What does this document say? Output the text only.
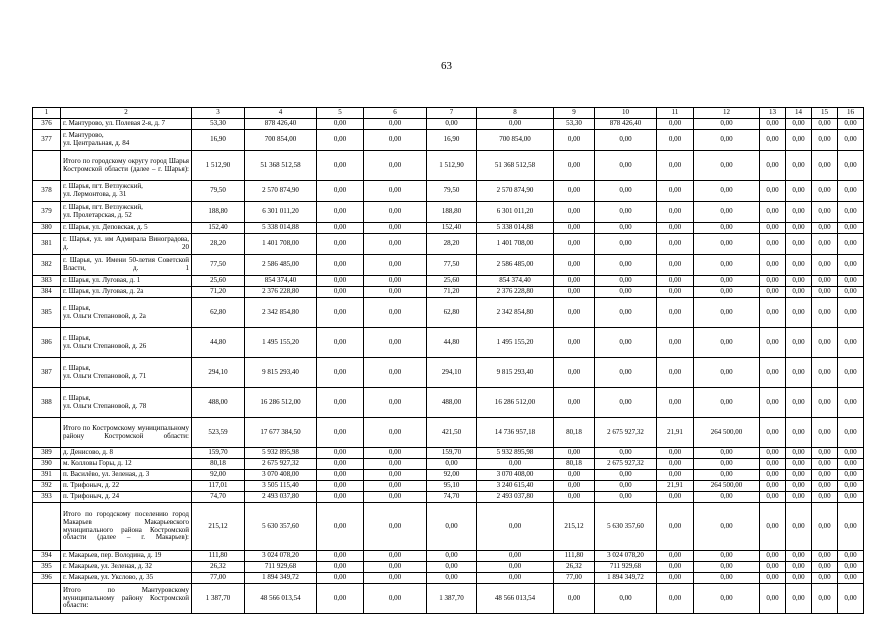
63
1	2	3	4	5	6	7	8	9	10	11	12	13	14	15	16
376	г. Мантурово, ул. Полевая 2-я, д. 7	53,30	878 426,40	0,00	0,00	0,00	0,00	53,30	878 426,40	0,00	0,00	0,00	0,00	0,00	0,00
377	г. Мантурово,
ул. Центральная, д. 84	16,90	700 854,00	0,00	0,00	16,90	700 854,00	0,00	0,00	0,00	0,00	0,00	0,00	0,00	0,00
	Итого по городскому округу город Шарья Костромской области (далее – г. Шарья):	1 512,90	51 368 512,58	0,00	0,00	1 512,90	51 368 512,58	0,00	0,00	0,00	0,00	0,00	0,00	0,00	0,00
378	г. Шарья, пгт. Ветлужский,
ул. Лермонтова, д. 31	79,50	2 570 874,90	0,00	0,00	79,50	2 570 874,90	0,00	0,00	0,00	0,00	0,00	0,00	0,00	0,00
379	г. Шарья, пгт. Ветлужский,
ул. Пролетарская, д. 52	188,80	6 301 011,20	0,00	0,00	188,80	6 301 011,20	0,00	0,00	0,00	0,00	0,00	0,00	0,00	0,00
380	г. Шарья, ул. Деповская, д. 5	152,40	5 338 014,88	0,00	0,00	152,40	5 338 014,88	0,00	0,00	0,00	0,00	0,00	0,00	0,00	0,00
381	г. Шарья, ул. им Адмирала Виноградова, д. 20	28,20	1 401 708,00	0,00	0,00	28,20	1 401 708,00	0,00	0,00	0,00	0,00	0,00	0,00	0,00	0,00
382	г. Шарья, ул. Имени 50-летия Советской Власти, д. 1	77,50	2 586 485,00	0,00	0,00	77,50	2 586 485,00	0,00	0,00	0,00	0,00	0,00	0,00	0,00	0,00
383	г. Шарья, ул. Луговая, д. 1	25,60	854 374,40	0,00	0,00	25,60	854 374,40	0,00	0,00	0,00	0,00	0,00	0,00	0,00	0,00
384	г. Шарья, ул. Луговая, д. 2а	71,20	2 376 228,80	0,00	0,00	71,20	2 376 228,80	0,00	0,00	0,00	0,00	0,00	0,00	0,00	0,00
385	г. Шарья,
ул. Ольги Степановой, д. 2а	62,80	2 342 854,80	0,00	0,00	62,80	2 342 854,80	0,00	0,00	0,00	0,00	0,00	0,00	0,00	0,00
386	г. Шарья,
ул. Ольги Степановой, д. 26	44,80	1 495 155,20	0,00	0,00	44,80	1 495 155,20	0,00	0,00	0,00	0,00	0,00	0,00	0,00	0,00
387	г. Шарья,
ул. Ольги Степановой, д. 71	294,10	9 815 293,40	0,00	0,00	294,10	9 815 293,40	0,00	0,00	0,00	0,00	0,00	0,00	0,00	0,00
388	г. Шарья,
ул. Ольги Степановой, д. 78	488,00	16 286 512,00	0,00	0,00	488,00	16 286 512,00	0,00	0,00	0,00	0,00	0,00	0,00	0,00	0,00
	Итого по Костромскому муниципальному району Костромской области:	523,59	17 677 384,50	0,00	0,00	421,50	14 736 957,18	80,18	2 675 927,32	21,91	264 500,00	0,00	0,00	0,00	0,00
389	д. Денисово, д. 8	159,70	5 932 895,98	0,00	0,00	159,70	5 932 895,98	0,00	0,00	0,00	0,00	0,00	0,00	0,00	0,00
390	м. Колловы Горы, д. 12	80,18	2 675 927,32	0,00	0,00	0,00	0,00	80,18	2 675 927,32	0,00	0,00	0,00	0,00	0,00	0,00
391	п. Василёво, ул. Зеленая, д. 3	92,00	3 070 408,00	0,00	0,00	92,00	3 070 408,00	0,00	0,00	0,00	0,00	0,00	0,00	0,00	0,00
392	п. Трифоныч, д. 22	117,01	3 505 115,40	0,00	0,00	95,10	3 240 615,40	0,00	0,00	21,91	264 500,00	0,00	0,00	0,00	0,00
393	п. Трифоныч, д. 24	74,70	2 493 037,80	0,00	0,00	74,70	2 493 037,80	0,00	0,00	0,00	0,00	0,00	0,00	0,00	0,00
	Итого по городскому поселению город Макарьев Макарьевского муниципального района Костромской области (далее – г. Макарьев):	215,12	5 630 357,60	0,00	0,00	0,00	0,00	215,12	5 630 357,60	0,00	0,00	0,00	0,00	0,00	0,00
394	г. Макарьев, пер. Володина, д. 19	111,80	3 024 078,20	0,00	0,00	0,00	0,00	111,80	3 024 078,20	0,00	0,00	0,00	0,00	0,00	0,00
395	г. Макарьев, ул. Зеленая, д. 32	26,32	711 929,68	0,00	0,00	0,00	0,00	26,32	711 929,68	0,00	0,00	0,00	0,00	0,00	0,00
396	г. Макарьев, ул. Укслово, д. 35	77,00	1 894 349,72	0,00	0,00	0,00	0,00	77,00	1 894 349,72	0,00	0,00	0,00	0,00	0,00	0,00
	Итого по Мантуровскому муниципальному району Костромской области:	1 387,70	48 566 013,54	0,00	0,00	1 387,70	48 566 013,54	0,00	0,00	0,00	0,00	0,00	0,00	0,00	0,00
